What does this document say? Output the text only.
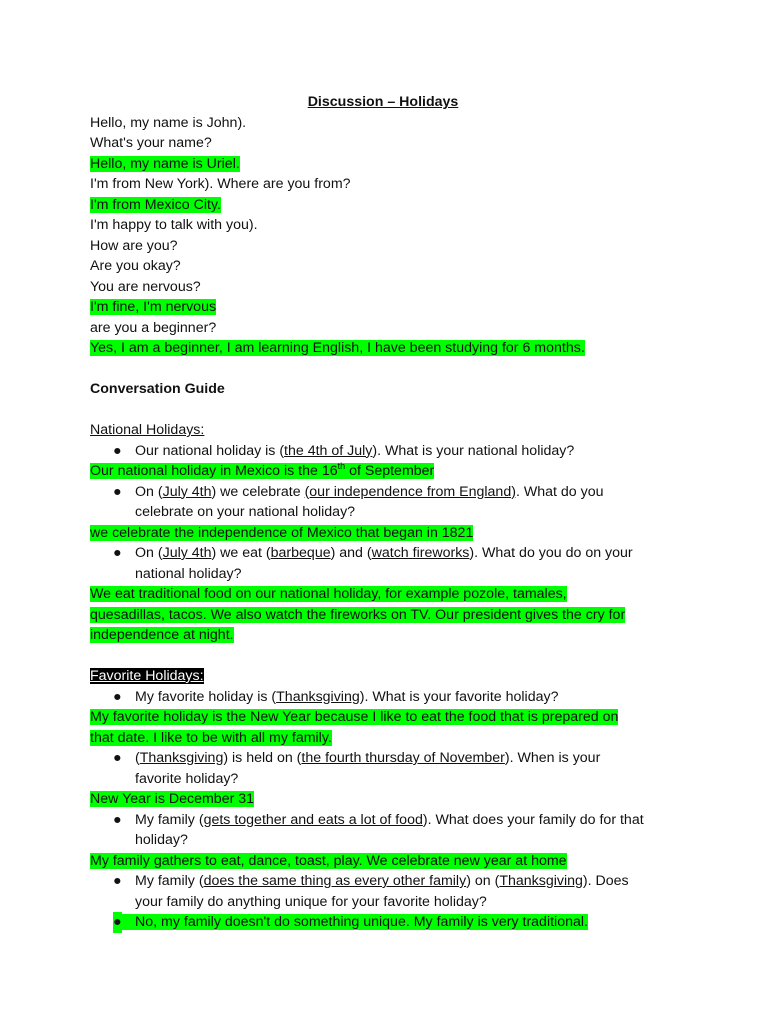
Discussion – Holidays
Hello, my name is John).
What's your name?
Hello, my name is Uriel.
I'm from New York). Where are you from?
I'm from Mexico City.
I'm happy to talk with you).
How are you?
Are you okay?
You are nervous?
I'm fine, I'm nervous
are you a beginner?
Yes, I am a beginner, I am learning English, I have been studying for 6 months.
Conversation Guide
National Holidays:
● Our national holiday is (the 4th of July). What is your national holiday?
Our national holiday in Mexico is the 16th of September
● On (July 4th) we celebrate (our independence from England). What do you
celebrate on your national holiday?
we celebrate the independence of Mexico that began in 1821
● On (July 4th) we eat (barbeque) and (watch fireworks). What do you do on your
national holiday?
We eat traditional food on our national holiday, for example pozole, tamales,
quesadillas, tacos. We also watch the fireworks on TV. Our president gives the cry for
independence at night.
Favorite Holidays:
● My favorite holiday is (Thanksgiving). What is your favorite holiday?
My favorite holiday is the New Year because I like to eat the food that is prepared on
that date. I like to be with all my family.
● (Thanksgiving) is held on (the fourth thursday of November). When is your
favorite holiday?
New Year is December 31
● My family (gets together and eats a lot of food). What does your family do for that
holiday?
My family gathers to eat, dance, toast, play. We celebrate new year at home
● My family (does the same thing as every other family) on (Thanksgiving). Does
your family do anything unique for your favorite holiday?
● No, my family doesn't do something unique. My family is very traditional.
